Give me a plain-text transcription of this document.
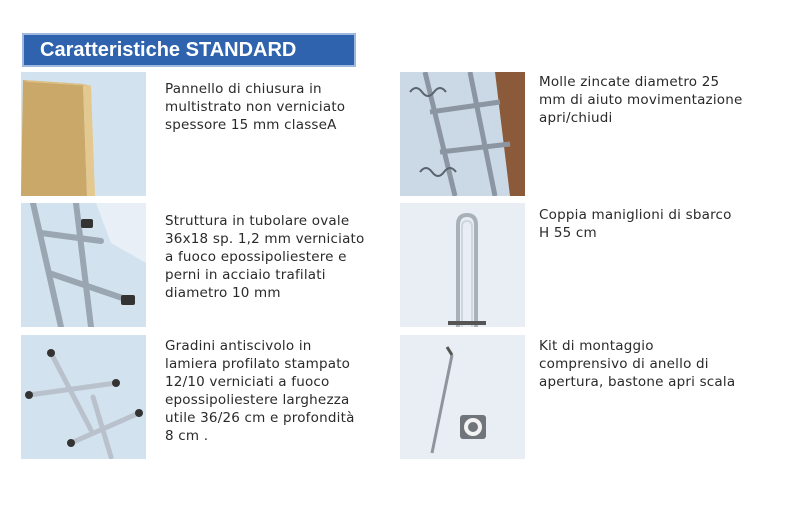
Caratteristiche STANDARD
Pannello di chiusura in
multistrato non verniciato
spessore 15 mm classeA
Struttura in tubolare ovale
36x18 sp. 1,2 mm verniciato
a fuoco epossipoliestere e
perni in acciaio trafilati
diametro 10 mm
Gradini antiscivolo in
lamiera profilato stampato
12/10 verniciati a fuoco
epossipoliestere larghezza
utile 36/26 cm e profondità
8 cm .
Molle zincate diametro 25
mm di aiuto movimentazione
apri/chiudi
Coppia maniglioni di sbarco
H 55 cm
Kit di montaggio
comprensivo di anello di
apertura, bastone apri scala
